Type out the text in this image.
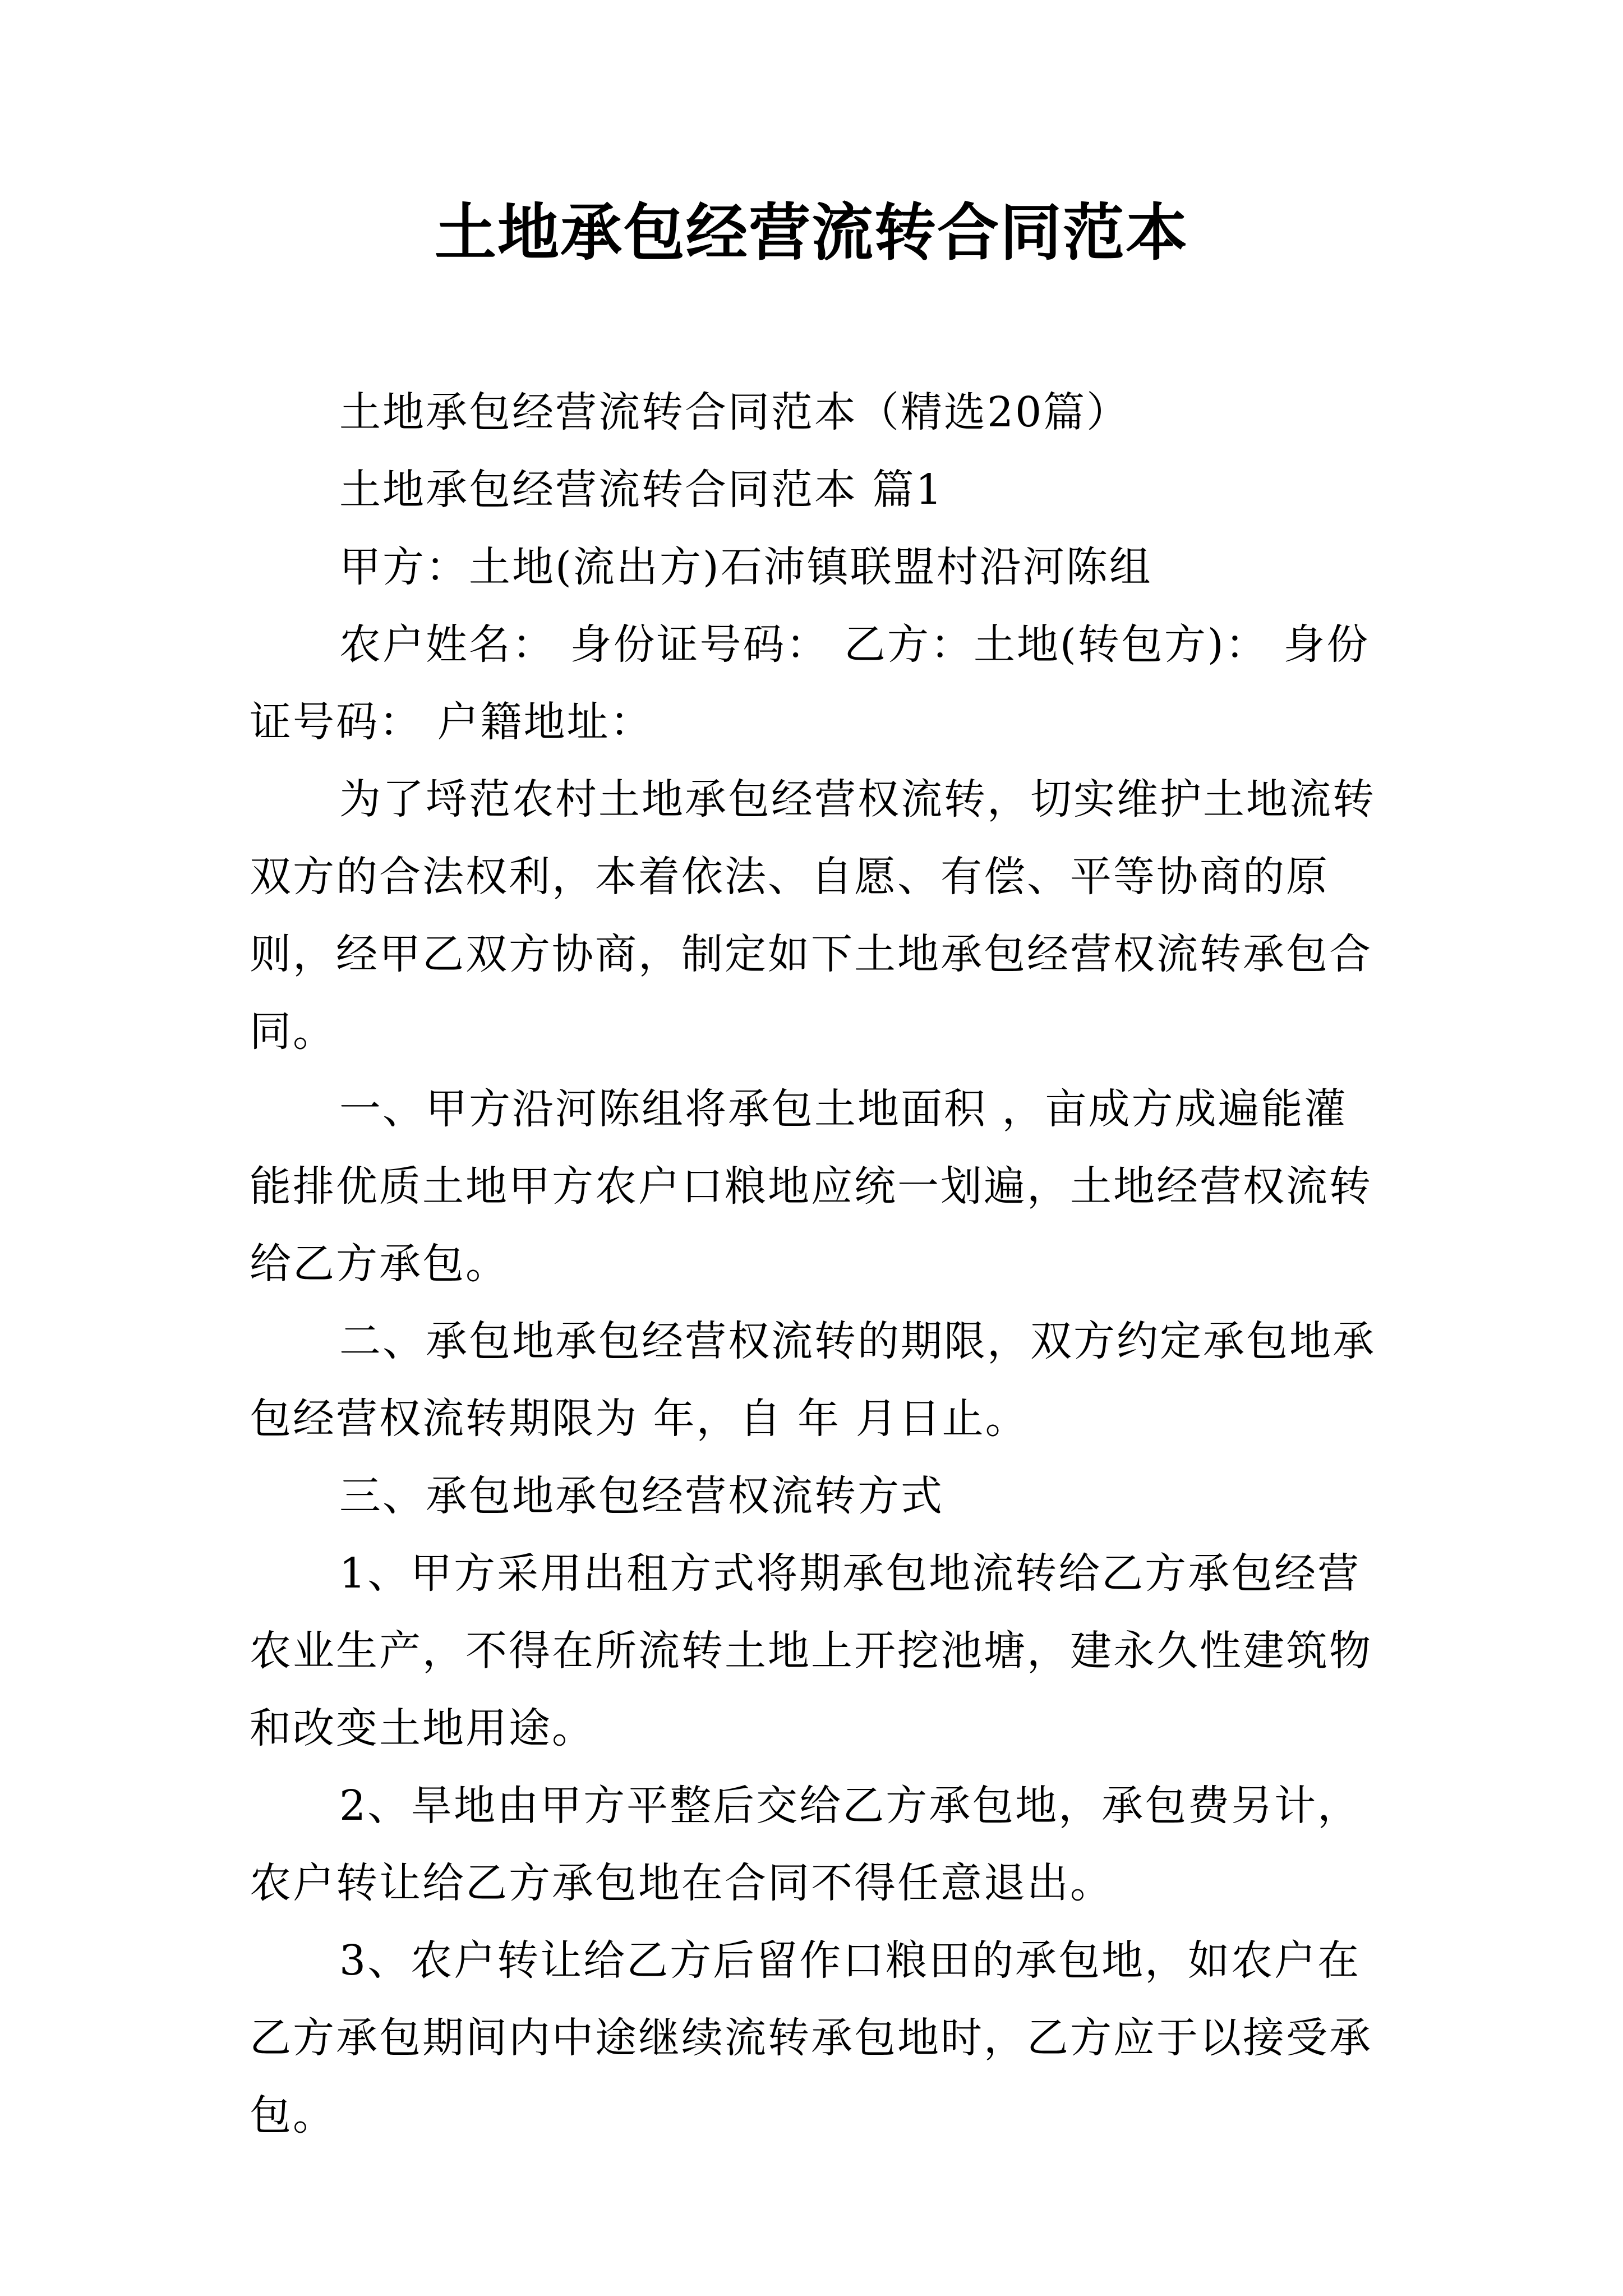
土地承包经营流转合同范本

土地承包经营流转合同范本（精选20篇）

土地承包经营流转合同范本 篇1

甲方：土地(流出方)石沛镇联盟村沿河陈组

农户姓名： 身份证号码： 乙方：土地(转包方)： 身份证号码： 户籍地址：

为了埒范农村土地承包经营权流转，切实维护土地流转双方的合法权利，本着依法、自愿、有偿、平等协商的原则，经甲乙双方协商，制定如下土地承包经营权流转承包合同。

一、甲方沿河陈组将承包土地面积 ，亩成方成遍能灌能排优质土地甲方农户口粮地应统一划遍，土地经营权流转给乙方承包。

二、承包地承包经营权流转的期限，双方约定承包地承包经营权流转期限为 年，自 年 月日止。

三、承包地承包经营权流转方式

1、甲方采用出租方式将期承包地流转给乙方承包经营农业生产，不得在所流转土地上开挖池塘，建永久性建筑物和改变土地用途。

2、旱地由甲方平整后交给乙方承包地，承包费另计，农户转让给乙方承包地在合同不得任意退出。

3、农户转让给乙方后留作口粮田的承包地，如农户在乙方承包期间内中途继续流转承包地时，乙方应于以接受承包。
